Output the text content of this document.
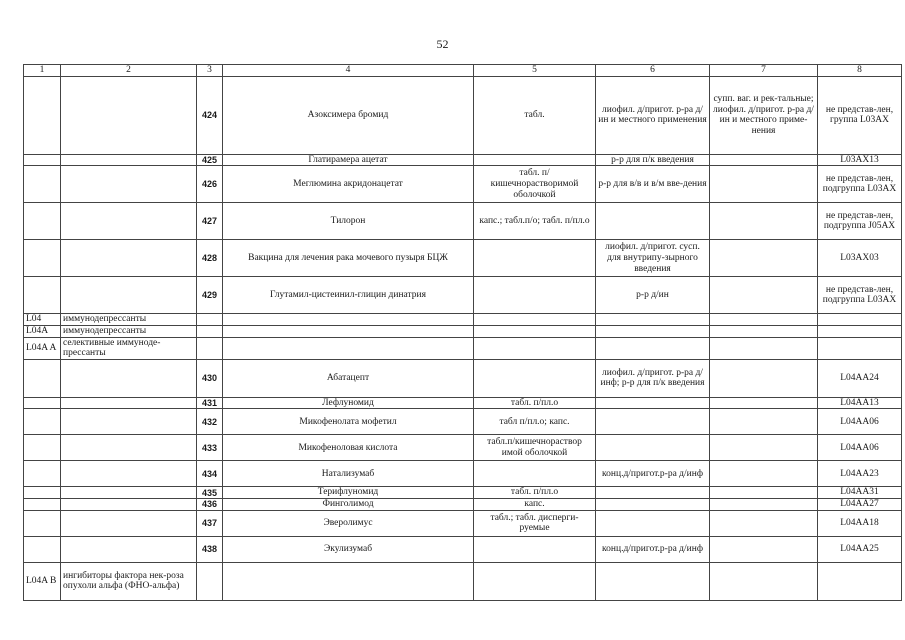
52
1	2	3	4	5	6	7	8
		424	Азоксимера бромид	табл.	лиофил. д/пригот. р-ра д/ин и местного применения	супп. ваг. и рек-тальные; лиофил. д/пригот. р-ра д/ин и местного приме-нения	не представ-лен, группа L03AX
		425	Глатирамера ацетат		р-р для п/к введения		L03AX13
		426	Меглюмина акридонацетат	табл. п/кишечнорастворимой оболочкой	р-р для в/в и в/м вве-дения		не представ-лен, подгруппа L03AX
		427	Тилорон	капс.; табл.п/о; табл. п/пл.о			не представ-лен, подгруппа J05AX
		428	Вакцина для лечения рака мочевого пузыря БЦЖ		лиофил. д/пригот. сусп. для внутрипу-зырного введения		L03AX03
		429	Глутамил-цистеинил-глицин динатрия		р-р д/ин		не представ-лен, подгруппа L03AX
L04	иммунодепрессанты						
L04A	иммунодепрессанты						
L04A A	селективные иммуноде-прессанты						
		430	Абатацепт		лиофил. д/пригот. р-ра д/инф; р-р для п/к введения		L04AA24
		431	Лефлуномид	табл. п/пл.о			L04AA13
		432	Микофенолата мофетил	табл п/пл.о; капс.			L04AA06
		433	Микофеноловая кислота	табл.п/кишечнораствор имой оболочкой			L04AA06
		434	Натализумаб		конц.д/пригот.р-ра д/инф		L04AA23
		435	Терифлуномид	табл. п/пл.о			L04AA31
		436	Финголимод	капс.			L04AA27
		437	Эверолимус	табл.; табл. дисперги-руемые			L04AA18
		438	Экулизумаб		конц.д/пригот.р-ра д/инф		L04AA25
L04A B	ингибиторы фактора нек-роза опухоли альфа (ФНО-альфа)						
